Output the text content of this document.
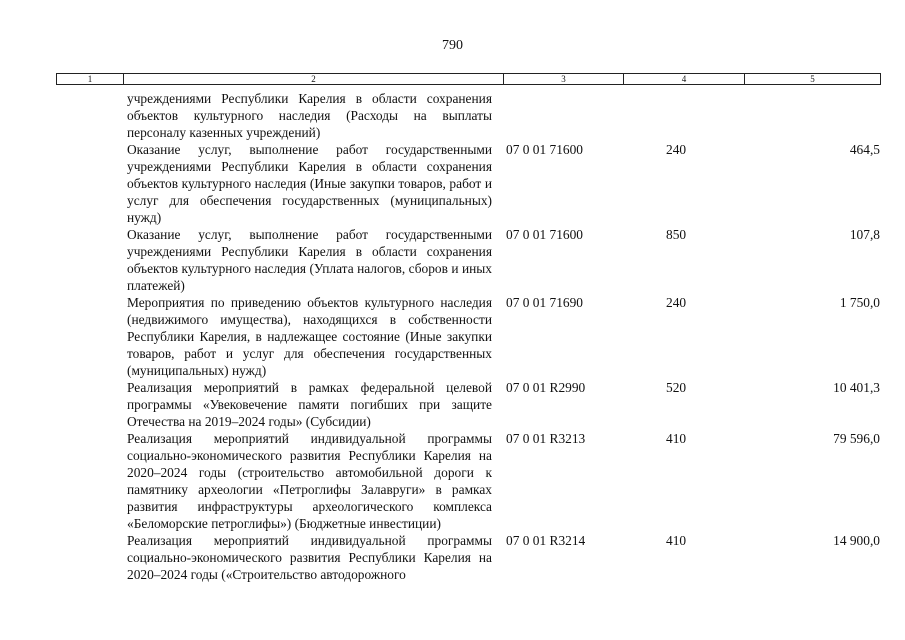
790
1	2	3	4	5
учреждениями Республики Карелия в области сохранения объектов культурного наследия (Расходы на выплаты персоналу казенных учреждений)
Оказание услуг, выполнение работ государственными учреждениями Республики Карелия в области сохранения объектов культурного наследия (Иные закупки товаров, работ и услуг для обеспечения государственных (муниципальных) нужд)
07 0 01 71600	240	464,5
Оказание услуг, выполнение работ государственными учреждениями Республики Карелия в области сохранения объектов культурного наследия (Уплата налогов, сборов и иных платежей)
07 0 01 71600	850	107,8
Мероприятия по приведению объектов культурного наследия (недвижимого имущества), находящихся в собственности Республики Карелия, в надлежащее состояние (Иные закупки товаров, работ и услуг для обеспечения государственных (муниципальных) нужд)
07 0 01 71690	240	1 750,0
Реализация мероприятий в рамках федеральной целевой программы «Увековечение памяти погибших при защите Отечества на 2019–2024 годы» (Субсидии)
07 0 01 R2990	520	10 401,3
Реализация мероприятий индивидуальной программы социально-экономического развития Республики Карелия на 2020–2024 годы (строительство автомобильной дороги к памятнику археологии «Петроглифы Залавруги» в рамках развития инфраструктуры археологического комплекса «Беломорские петроглифы») (Бюджетные инвестиции)
07 0 01 R3213	410	79 596,0
Реализация мероприятий индивидуальной программы социально-экономического развития Республики Карелия на 2020–2024 годы («Строительство автодорожного
07 0 01 R3214	410	14 900,0
